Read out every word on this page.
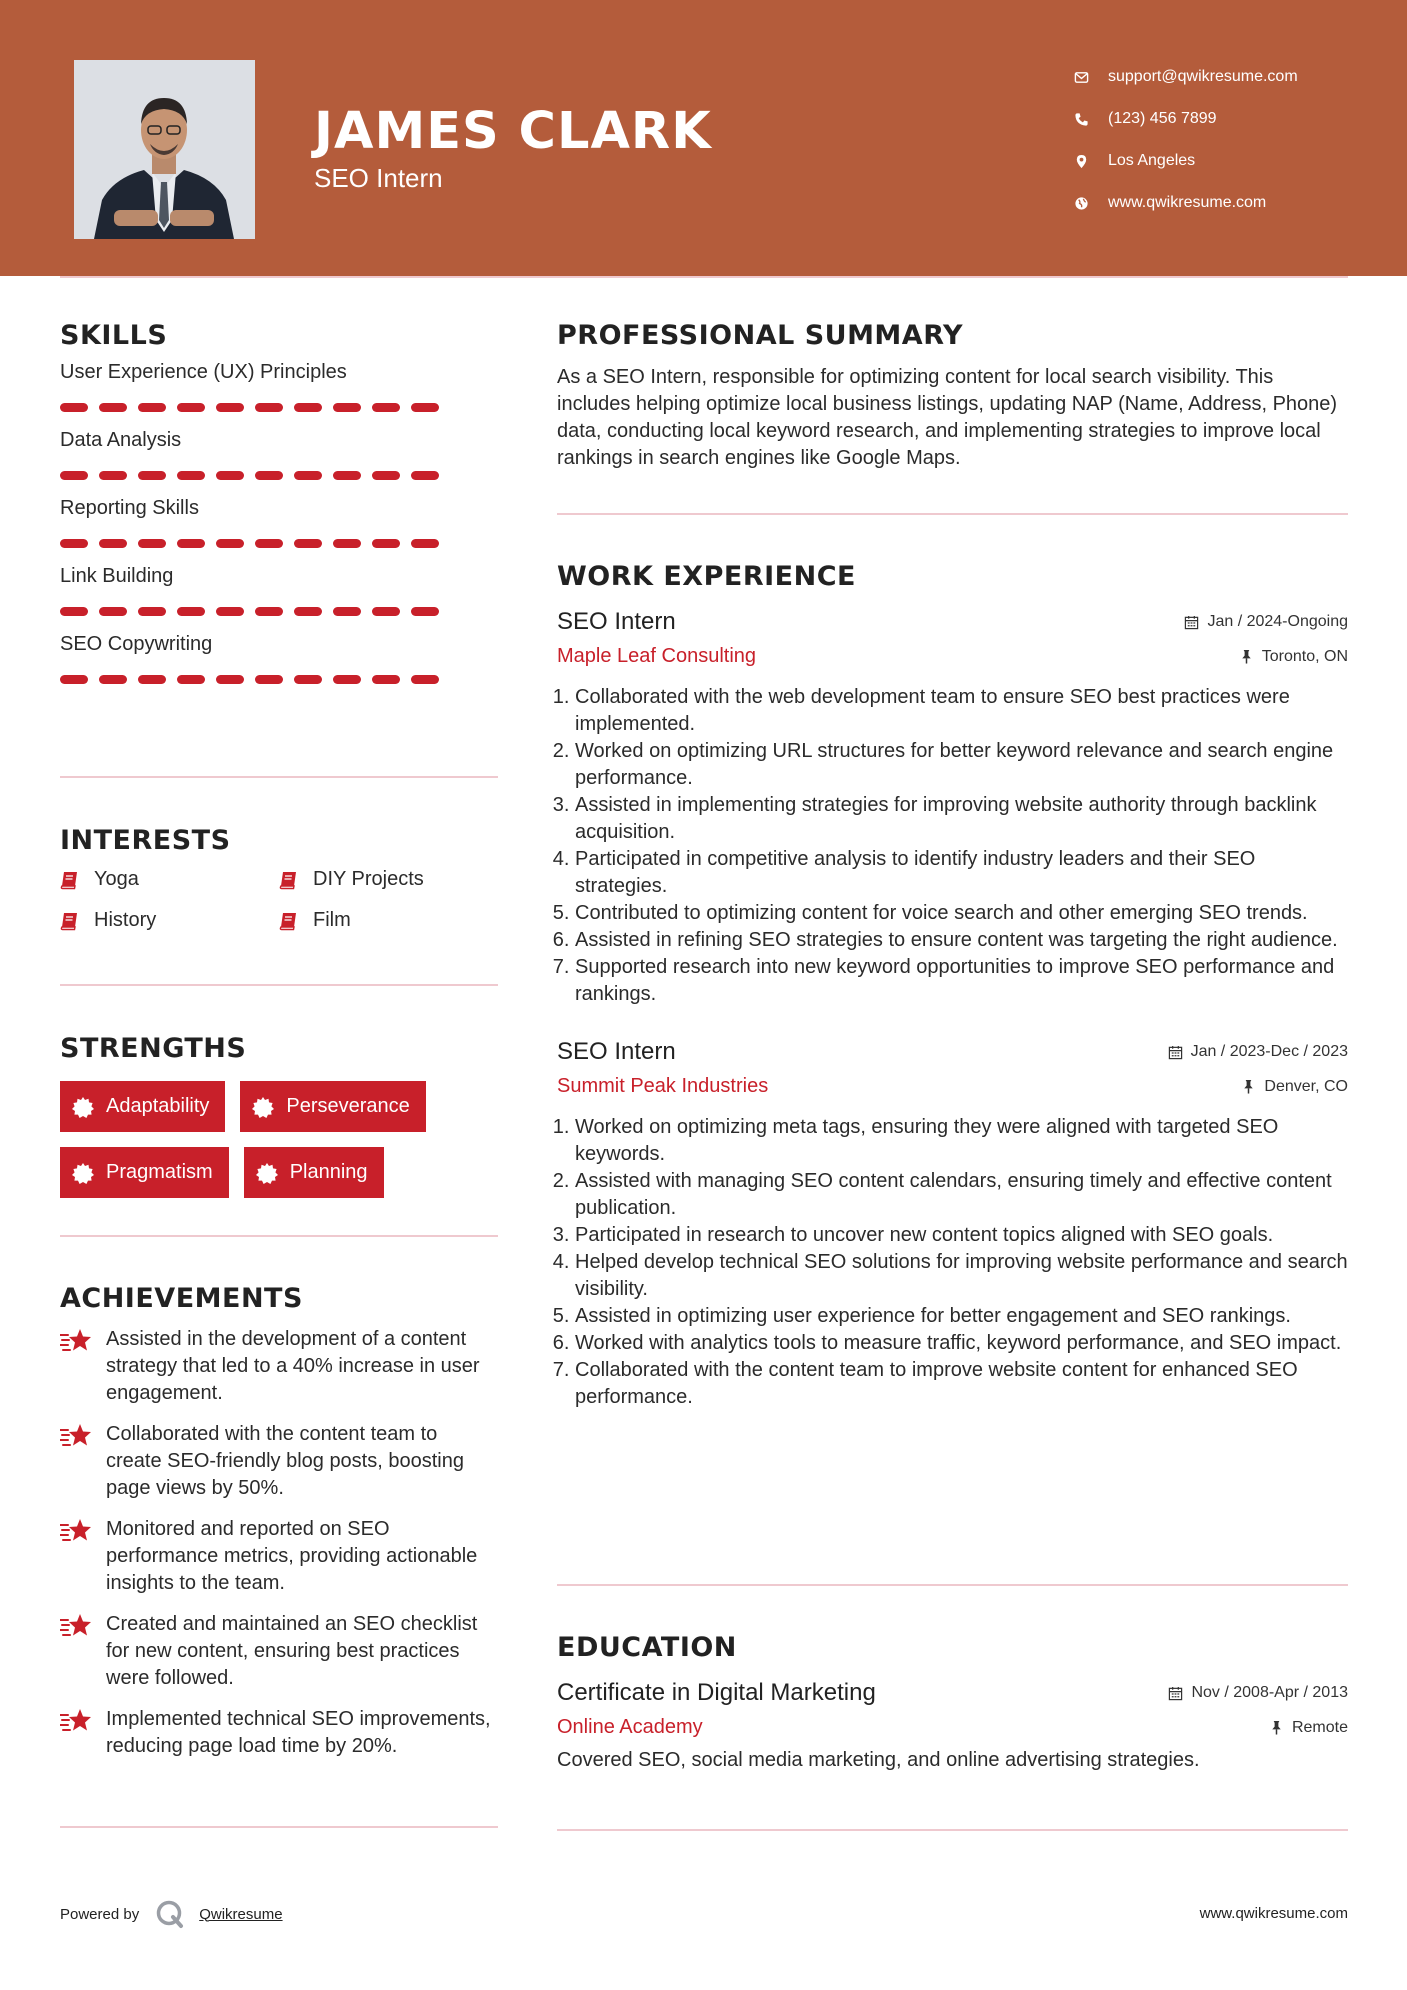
JAMES CLARK
SEO Intern
support@qwikresume.com
(123) 456 7899
Los Angeles
www.qwikresume.com
SKILLS
User Experience (UX) Principles
Data Analysis
Reporting Skills
Link Building
SEO Copywriting
INTERESTS
Yoga	DIY Projects
History	Film
STRENGTHS
Adaptability	Perseverance
Pragmatism	Planning
ACHIEVEMENTS
Assisted in the development of a content strategy that led to a 40% increase in user engagement.
Collaborated with the content team to create SEO-friendly blog posts, boosting page views by 50%.
Monitored and reported on SEO performance metrics, providing actionable insights to the team.
Created and maintained an SEO checklist for new content, ensuring best practices were followed.
Implemented technical SEO improvements, reducing page load time by 20%.
PROFESSIONAL SUMMARY

As a SEO Intern, responsible for optimizing content for local search visibility. This includes helping optimize local business listings, updating NAP (Name, Address, Phone) data, conducting local keyword research, and implementing strategies to improve local rankings in search engines like Google Maps.

WORK EXPERIENCE
SEO Intern	Jan / 2024-Ongoing
Maple Leaf Consulting	Toronto, ON
1. Collaborated with the web development team to ensure SEO best practices were implemented.
2. Worked on optimizing URL structures for better keyword relevance and search engine performance.
3. Assisted in implementing strategies for improving website authority through backlink acquisition.
4. Participated in competitive analysis to identify industry leaders and their SEO strategies.
5. Contributed to optimizing content for voice search and other emerging SEO trends.
6. Assisted in refining SEO strategies to ensure content was targeting the right audience.
7. Supported research into new keyword opportunities to improve SEO performance and rankings.
SEO Intern	Jan / 2023-Dec / 2023
Summit Peak Industries	Denver, CO
1. Worked on optimizing meta tags, ensuring they were aligned with targeted SEO keywords.
2. Assisted with managing SEO content calendars, ensuring timely and effective content publication.
3. Participated in research to uncover new content topics aligned with SEO goals.
4. Helped develop technical SEO solutions for improving website performance and search visibility.
5. Assisted in optimizing user experience for better engagement and SEO rankings.
6. Worked with analytics tools to measure traffic, keyword performance, and SEO impact.
7. Collaborated with the content team to improve website content for enhanced SEO performance.
EDUCATION
Certificate in Digital Marketing	Nov / 2008-Apr / 2013
Online Academy	Remote

Covered SEO, social media marketing, and online advertising strategies.

Powered by	Qwikresume	www.qwikresume.com
